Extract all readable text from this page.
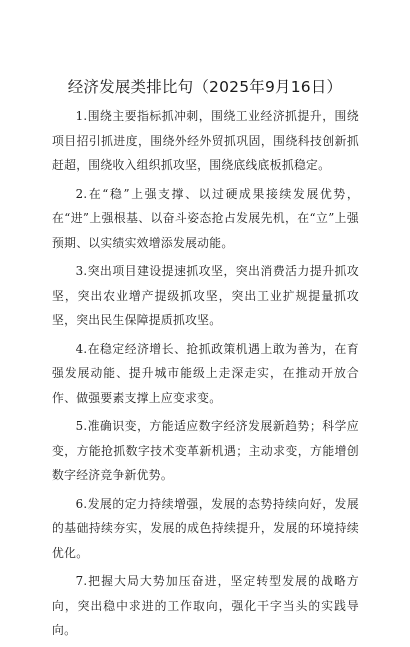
经济发展类排比句（2025年9月16日）

1.围绕主要指标抓冲刺，围绕工业经济抓提升，围绕项目招引抓进度，围绕外经外贸抓巩固，围绕科技创新抓赶超，围绕收入组织抓攻坚，围绕底线底板抓稳定。

2.在“稳”上强支撑、以过硬成果接续发展优势，在“进”上强根基、以奋斗姿态抢占发展先机，在“立”上强预期、以实绩实效增添发展动能。

3.突出项目建设提速抓攻坚，突出消费活力提升抓攻坚，突出农业增产提级抓攻坚，突出工业扩规提量抓攻坚，突出民生保障提质抓攻坚。

4.在稳定经济增长、抢抓政策机遇上敢为善为，在育强发展动能、提升城市能级上走深走实，在推动开放合作、做强要素支撑上应变求变。

5.准确识变，方能适应数字经济发展新趋势；科学应变，方能抢抓数字技术变革新机遇；主动求变，方能增创数字经济竞争新优势。

6.发展的定力持续增强，发展的态势持续向好，发展的基础持续夯实，发展的成色持续提升，发展的环境持续优化。

7.把握大局大势加压奋进，坚定转型发展的战略方向，突出稳中求进的工作取向，强化干字当头的实践导向。
